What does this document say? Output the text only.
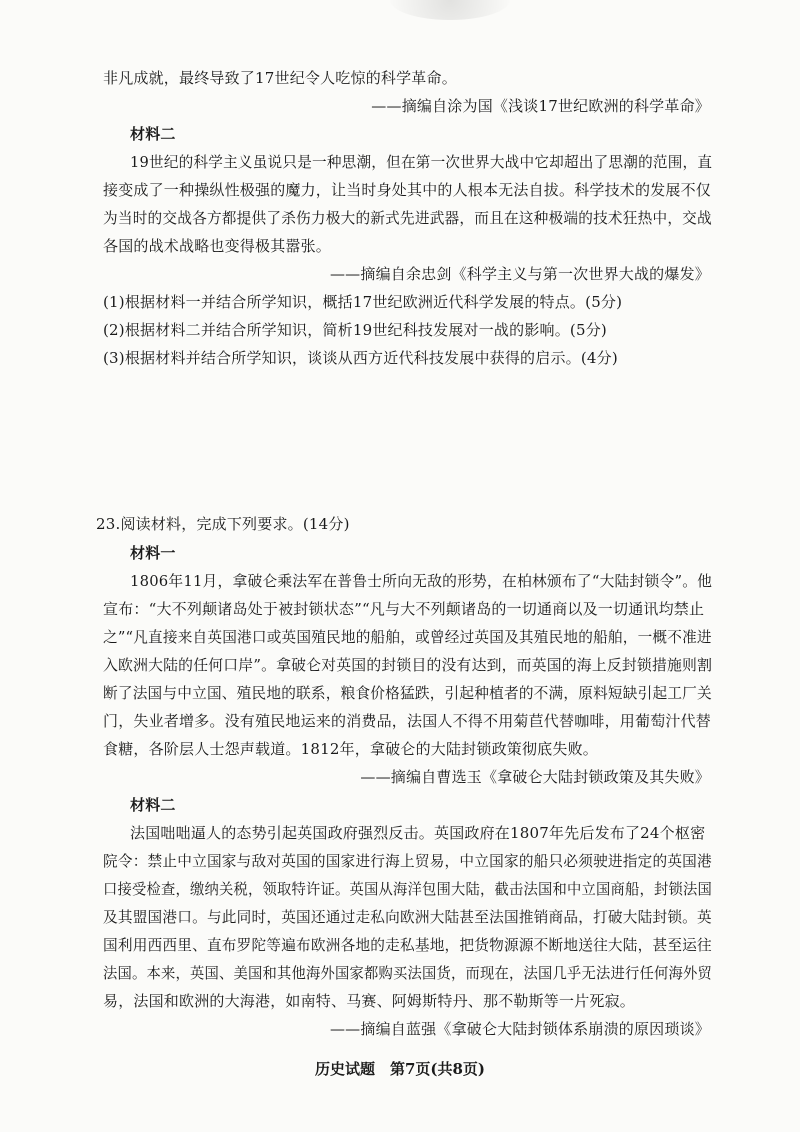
非凡成就，最终导致了17世纪令人吃惊的科学革命。
——摘编自涂为国《浅谈17世纪欧洲的科学革命》
材料二
19世纪的科学主义虽说只是一种思潮，但在第一次世界大战中它却超出了思潮的范围，直
接变成了一种操纵性极强的魔力，让当时身处其中的人根本无法自拔。科学技术的发展不仅
为当时的交战各方都提供了杀伤力极大的新式先进武器，而且在这种极端的技术狂热中，交战
各国的战术战略也变得极其嚣张。
——摘编自余忠剑《科学主义与第一次世界大战的爆发》
(1)根据材料一并结合所学知识，概括17世纪欧洲近代科学发展的特点。(5分)
(2)根据材料二并结合所学知识，简析19世纪科技发展对一战的影响。(5分)
(3)根据材料并结合所学知识，谈谈从西方近代科技发展中获得的启示。(4分)
23.阅读材料，完成下列要求。(14分)
材料一
1806年11月，拿破仑乘法军在普鲁士所向无敌的形势，在柏林颁布了“大陆封锁令”。他
宣布：“大不列颠诸岛处于被封锁状态”“凡与大不列颠诸岛的一切通商以及一切通讯均禁止
之”“凡直接来自英国港口或英国殖民地的船舶，或曾经过英国及其殖民地的船舶，一概不准进
入欧洲大陆的任何口岸”。拿破仑对英国的封锁目的没有达到，而英国的海上反封锁措施则割
断了法国与中立国、殖民地的联系，粮食价格猛跌，引起种植者的不满，原料短缺引起工厂关
门，失业者增多。没有殖民地运来的消费品，法国人不得不用菊苣代替咖啡，用葡萄汁代替
食糖，各阶层人士怨声载道。1812年，拿破仑的大陆封锁政策彻底失败。
——摘编自曹选玉《拿破仑大陆封锁政策及其失败》
材料二
法国咄咄逼人的态势引起英国政府强烈反击。英国政府在1807年先后发布了24个枢密
院令：禁止中立国家与敌对英国的国家进行海上贸易，中立国家的船只必须驶进指定的英国港
口接受检查，缴纳关税，领取特许证。英国从海洋包围大陆，截击法国和中立国商船，封锁法国
及其盟国港口。与此同时，英国还通过走私向欧洲大陆甚至法国推销商品，打破大陆封锁。英
国利用西西里、直布罗陀等遍布欧洲各地的走私基地，把货物源源不断地送往大陆，甚至运往
法国。本来，英国、美国和其他海外国家都购买法国货，而现在，法国几乎无法进行任何海外贸
易，法国和欧洲的大海港，如南特、马赛、阿姆斯特丹、那不勒斯等一片死寂。
——摘编自蓝强《拿破仑大陆封锁体系崩溃的原因琐谈》
历史试题　第7页(共8页)
